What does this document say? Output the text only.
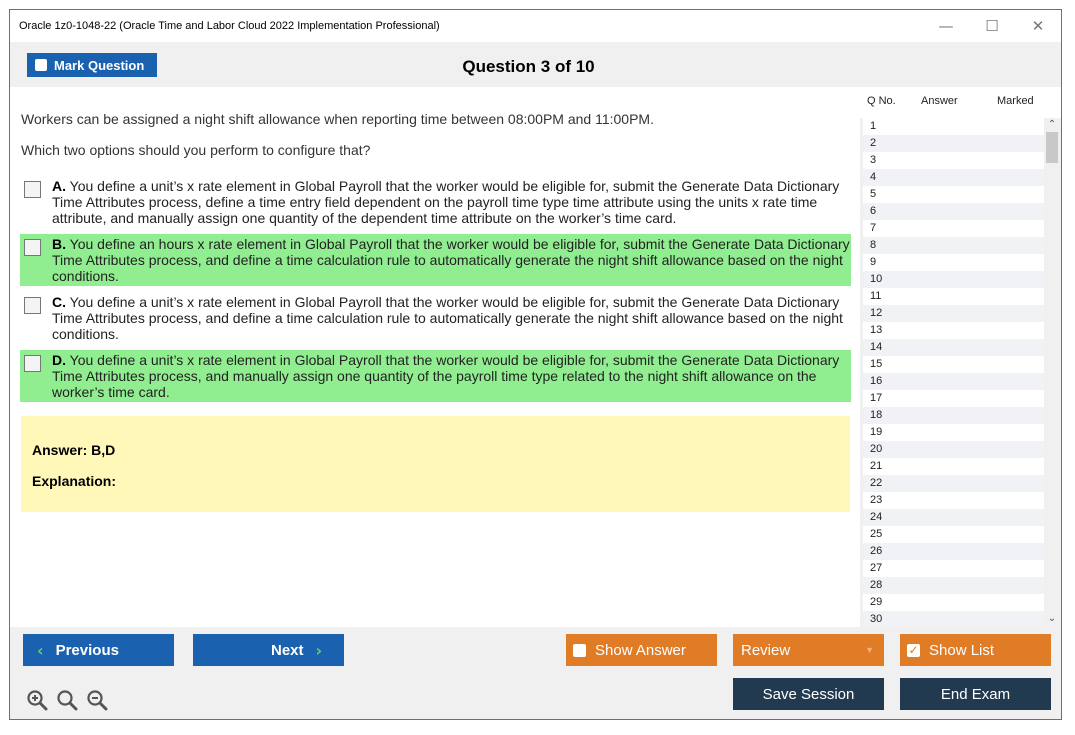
Oracle 1z0-1048-22 (Oracle Time and Labor Cloud 2022 Implementation Professional)	—	☐	✕
Mark Question	Question 3 of 10
Workers can be assigned a night shift allowance when reporting time between 08:00PM and 11:00PM.
Which two options should you perform to configure that?
A. You define a unit’s x rate element in Global Payroll that the worker would be eligible for, submit the Generate Data Dictionary Time Attributes process, define a time entry field dependent on the payroll time type time attribute using the units x rate time attribute, and manually assign one quantity of the dependent time attribute on the worker’s time card.
B. You define an hours x rate element in Global Payroll that the worker would be eligible for, submit the Generate Data Dictionary Time Attributes process, and define a time calculation rule to automatically generate the night shift allowance based on the night conditions.
C. You define a unit’s x rate element in Global Payroll that the worker would be eligible for, submit the Generate Data Dictionary Time Attributes process, and define a time calculation rule to automatically generate the night shift allowance based on the night conditions.
D. You define a unit’s x rate element in Global Payroll that the worker would be eligible for, submit the Generate Data Dictionary Time Attributes process, and manually assign one quantity of the payroll time type related to the night shift allowance on the worker’s time card.
Answer: B,D
Explanation:
Q No. Answer	Marked
1
2
3
4
5
6
7
8
9
10
11
12
13
14
15
16
17
18
19
20
21
22
23
24
25
26
27
28
29
30
⌃
⌄
‹ Previous	Next ›	Show Answer	Review	▼	✓ Show List
Save Session	End Exam
